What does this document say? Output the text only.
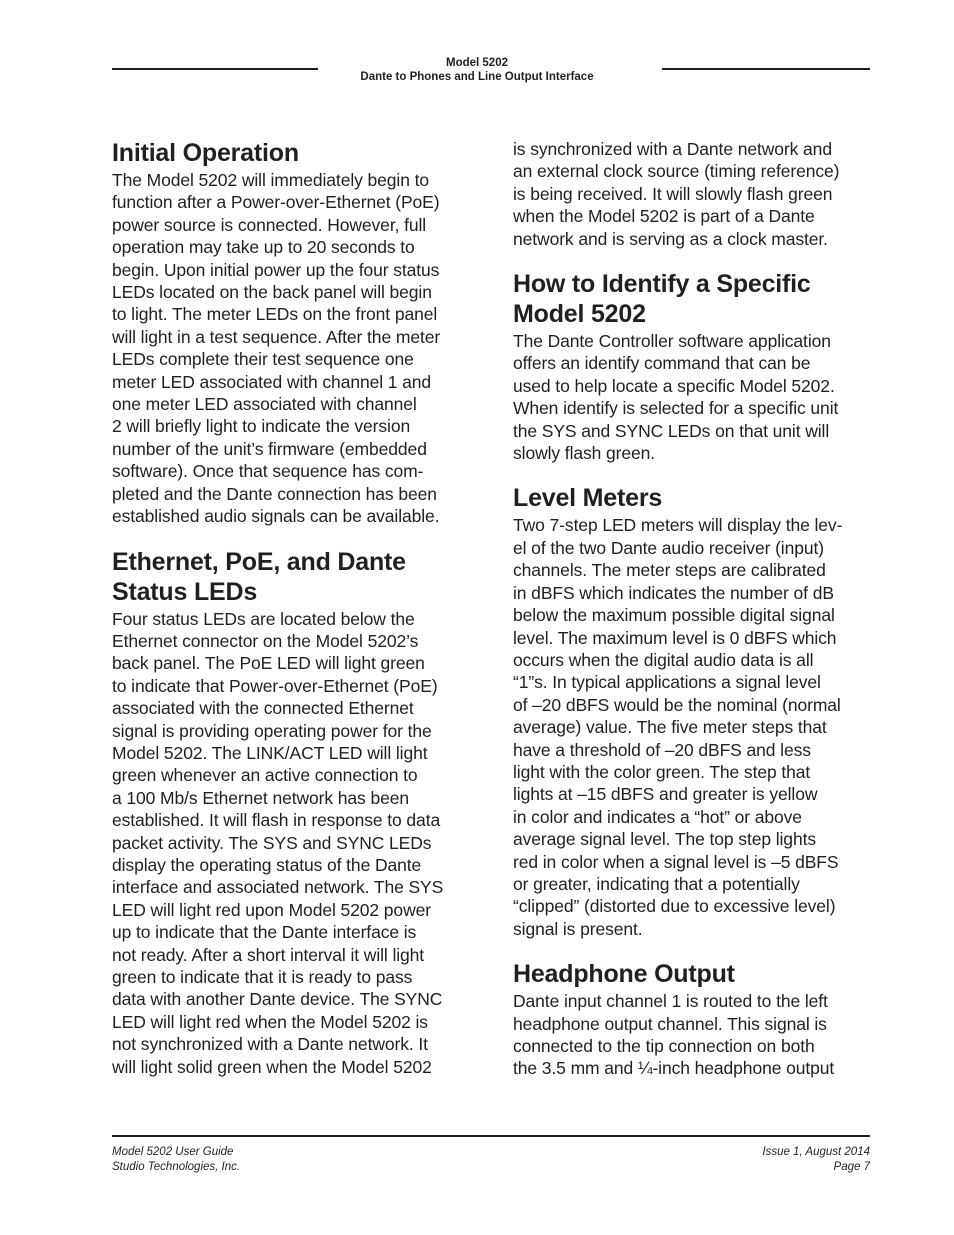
Model 5202
Dante to Phones and Line Output Interface
Initial Operation

The Model 5202 will immediately begin to
function after a Power-over-Ethernet (PoE)
power source is connected. However, full
operation may take up to 20 seconds to
begin. Upon initial power up the four status
LEDs located on the back panel will begin
to light. The meter LEDs on the front panel
will light in a test sequence. After the meter
LEDs complete their test sequence one
meter LED associated with channel 1 and
one meter LED associated with channel
2 will briefly light to indicate the version
number of the unit’s firmware (embedded
software). Once that sequence has com-
pleted and the Dante connection has been
established audio signals can be available.

Ethernet, PoE, and Dante
Status LEDs

Four status LEDs are located below the
Ethernet connector on the Model 5202’s
back panel. The PoE LED will light green
to indicate that Power-over-Ethernet (PoE)
associated with the connected Ethernet
signal is providing operating power for the
Model 5202. The LINK/ACT LED will light
green whenever an active connection to
a 100 Mb/s Ethernet network has been
established. It will flash in response to data
packet activity. The SYS and SYNC LEDs
display the operating status of the Dante
interface and associated network. The SYS
LED will light red upon Model 5202 power
up to indicate that the Dante interface is
not ready. After a short interval it will light
green to indicate that it is ready to pass
data with another Dante device. The SYNC
LED will light red when the Model 5202 is
not synchronized with a Dante network. It
will light solid green when the Model 5202

is synchronized with a Dante network and
an external clock source (timing reference)
is being received. It will slowly flash green
when the Model 5202 is part of a Dante
network and is serving as a clock master.

How to Identify a Specific
Model 5202

The Dante Controller software application
offers an identify command that can be
used to help locate a specific Model 5202.
When identify is selected for a specific unit
the SYS and SYNC LEDs on that unit will
slowly flash green.

Level Meters

Two 7-step LED meters will display the lev-
el of the two Dante audio receiver (input)
channels. The meter steps are calibrated
in dBFS which indicates the number of dB
below the maximum possible digital signal
level. The maximum level is 0 dBFS which
occurs when the digital audio data is all
“1”s. In typical applications a signal level
of –20 dBFS would be the nominal (normal
average) value. The five meter steps that
have a threshold of –20 dBFS and less
light with the color green. The step that
lights at –15 dBFS and greater is yellow
in color and indicates a “hot” or above
average signal level. The top step lights
red in color when a signal level is –5 dBFS
or greater, indicating that a potentially
“clipped” (distorted due to excessive level)
signal is present.

Headphone Output

Dante input channel 1 is routed to the left
headphone output channel. This signal is
connected to the tip connection on both
the 3.5 mm and ¼-inch headphone output

Model 5202 User Guide
Studio Technologies, Inc.
Issue 1, August 2014
Page 7
